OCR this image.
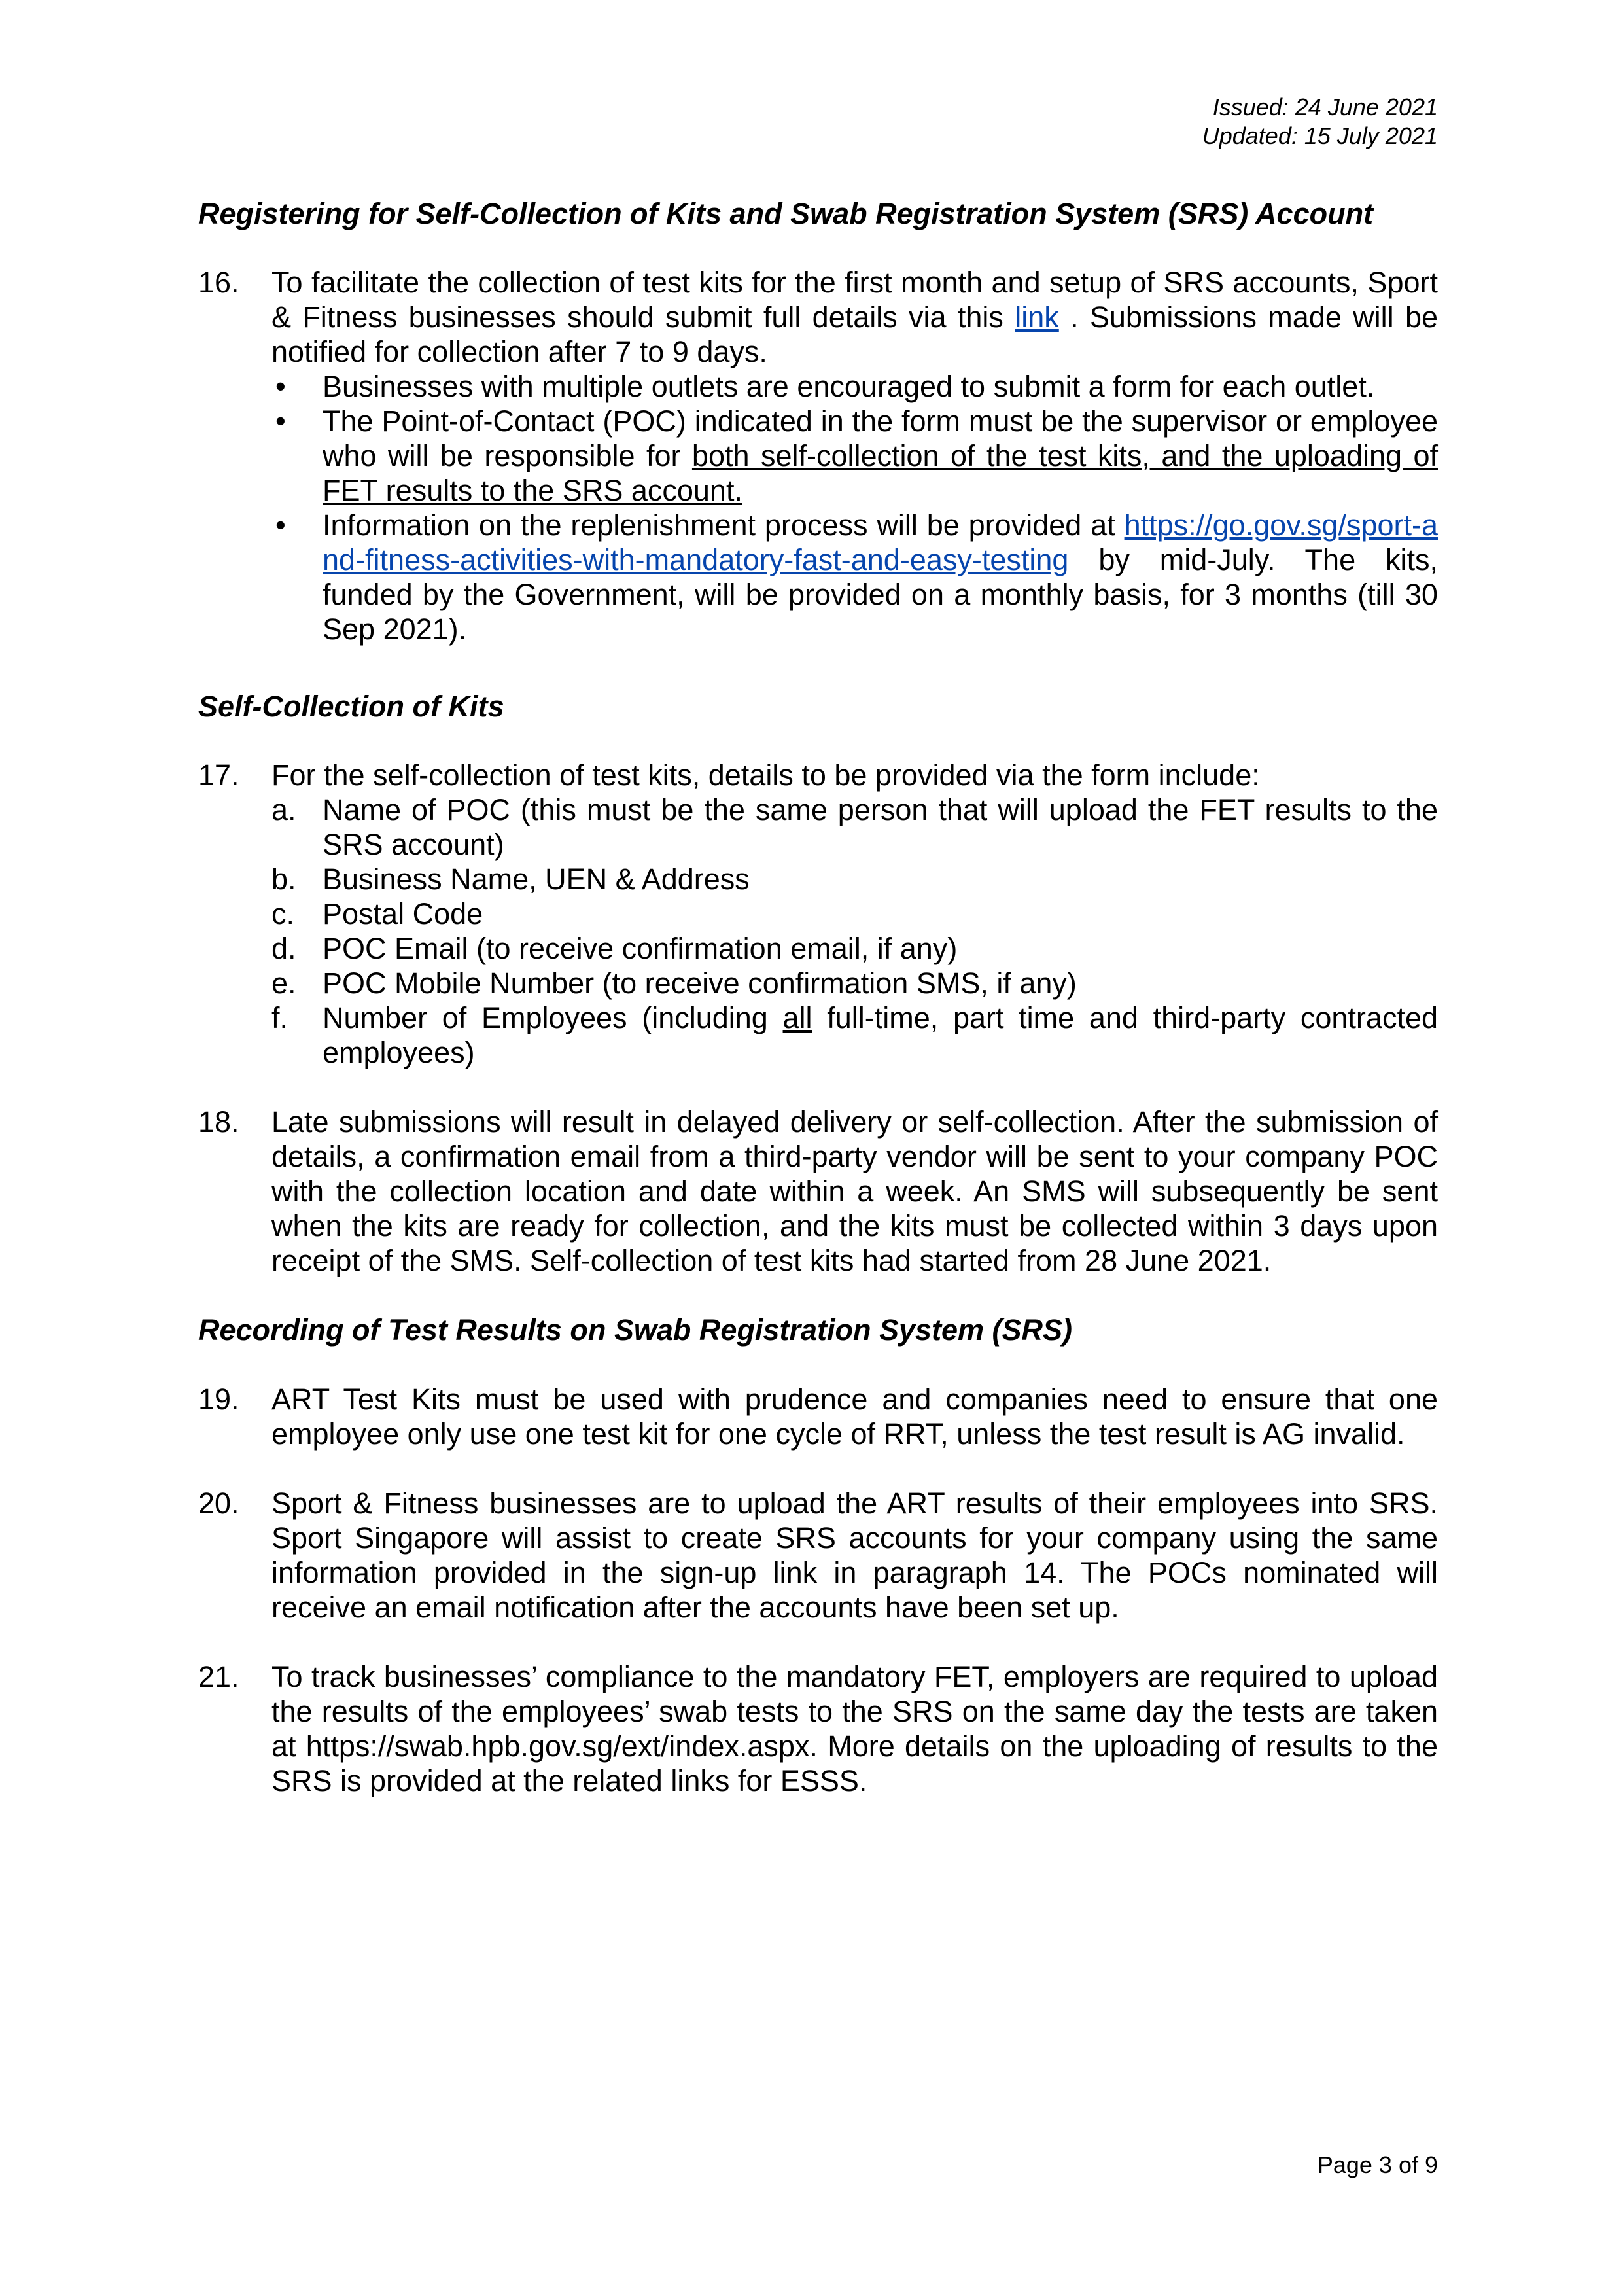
Issued: 24 June 2021
Updated: 15 July 2021
Registering for Self-Collection of Kits and Swab Registration System (SRS) Account
16.	To facilitate the collection of test kits for the first month and setup of SRS accounts, Sport & Fitness businesses should submit full details via this link . Submissions made will be notified for collection after 7 to 9 days.
•	Businesses with multiple outlets are encouraged to submit a form for each outlet.
•	The Point-of-Contact (POC) indicated in the form must be the supervisor or employee who will be responsible for both self-collection of the test kits, and the uploading of FET results to the SRS account.
•	Information on the replenishment process will be provided at https://go.gov.sg/sport-and-fitness-activities-with-mandatory-fast-and-easy-testing by mid-July. The kits, funded by the Government, will be provided on a monthly basis, for 3 months (till 30 Sep 2021).
Self-Collection of Kits
17.	For the self-collection of test kits, details to be provided via the form include:
a. Name of POC (this must be the same person that will upload the FET results to the SRS account)
b. Business Name, UEN & Address
c. Postal Code
d. POC Email (to receive confirmation email, if any)
e. POC Mobile Number (to receive confirmation SMS, if any)
f.	Number of Employees (including all full-time, part time and third-party contracted employees)
18.	Late submissions will result in delayed delivery or self-collection. After the submission of details, a confirmation email from a third-party vendor will be sent to your company POC with the collection location and date within a week. An SMS will subsequently be sent when the kits are ready for collection, and the kits must be collected within 3 days upon receipt of the SMS. Self-collection of test kits had started from 28 June 2021.
Recording of Test Results on Swab Registration System (SRS)
19.	ART Test Kits must be used with prudence and companies need to ensure that one employee only use one test kit for one cycle of RRT, unless the test result is AG invalid.
20.	Sport & Fitness businesses are to upload the ART results of their employees into SRS. Sport Singapore will assist to create SRS accounts for your company using the same information provided in the sign-up link in paragraph 14. The POCs nominated will receive an email notification after the accounts have been set up.
21.	To track businesses’ compliance to the mandatory FET, employers are required to upload the results of the employees’ swab tests to the SRS on the same day the tests are taken at https://swab.hpb.gov.sg/ext/index.aspx. More details on the uploading of results to the SRS is provided at the related links for ESSS.
Page 3 of 9
